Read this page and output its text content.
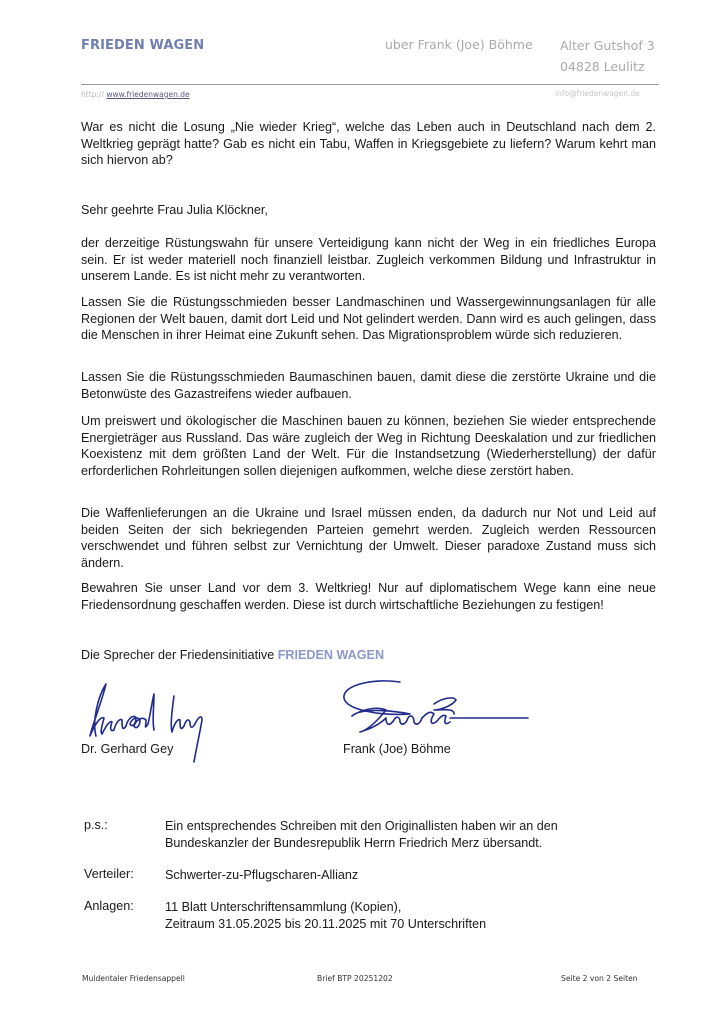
FRIEDEN WAGEN	uber Frank (Joe) Böhme Alter Gutshof 3
04828 Leulitz
http:// www.friedenwagen.de	info@friedenwagen.de

War es nicht die Losung „Nie wieder Krieg“, welche das Leben auch in Deutschland nach dem 2. Weltkrieg geprägt hatte? Gab es nicht ein Tabu, Waffen in Kriegsgebiete zu liefern? Warum kehrt man sich hiervon ab?

Sehr geehrte Frau Julia Klöckner,

der derzeitige Rüstungswahn für unsere Verteidigung kann nicht der Weg in ein friedliches Europa sein. Er ist weder materiell noch finanziell leistbar. Zugleich verkommen Bildung und Infrastruktur in unserem Lande. Es ist nicht mehr zu verantworten.

Lassen Sie die Rüstungsschmieden besser Landmaschinen und Wassergewinnungsanlagen für alle Regionen der Welt bauen, damit dort Leid und Not gelindert werden. Dann wird es auch gelingen, dass die Menschen in ihrer Heimat eine Zukunft sehen. Das Migrationsproblem würde sich reduzieren.

Lassen Sie die Rüstungsschmieden Baumaschinen bauen, damit diese die zerstörte Ukraine und die Betonwüste des Gazastreifens wieder aufbauen.

Um preiswert und ökologischer die Maschinen bauen zu können, beziehen Sie wieder entsprechende Energieträger aus Russland. Das wäre zugleich der Weg in Richtung Deeskalation und zur friedlichen Koexistenz mit dem größten Land der Welt. Für die Instandsetzung (Wiederherstellung) der dafür erforderlichen Rohrleitungen sollen diejenigen aufkommen, welche diese zerstört haben.

Die Waffenlieferungen an die Ukraine und Israel müssen enden, da dadurch nur Not und Leid auf beiden Seiten der sich bekriegenden Parteien gemehrt werden. Zugleich werden Ressourcen verschwendet und führen selbst zur Vernichtung der Umwelt. Dieser paradoxe Zustand muss sich ändern.

Bewahren Sie unser Land vor dem 3. Weltkrieg! Nur auf diplomatischem Wege kann eine neue Friedensordnung geschaffen werden. Diese ist durch wirtschaftliche Beziehungen zu festigen!

Die Sprecher der Friedensinitiative FRIEDEN WAGEN

Dr. Gerhard Gey	Frank (Joe) Böhme
p.s.:	Ein entsprechendes Schreiben mit den Originallisten haben wir an den
Bundeskanzler der Bundesrepublik Herrn Friedrich Merz übersandt.
Verteiler: Schwerter-zu-Pflugscharen-Allianz
Anlagen: 11 Blatt Unterschriftensammlung (Kopien),
Zeitraum 31.05.2025 bis 20.11.2025 mit 70 Unterschriften
Muldentaler Friedensappell	Brief BTP 20251202	Seite 2 von 2 Seiten
